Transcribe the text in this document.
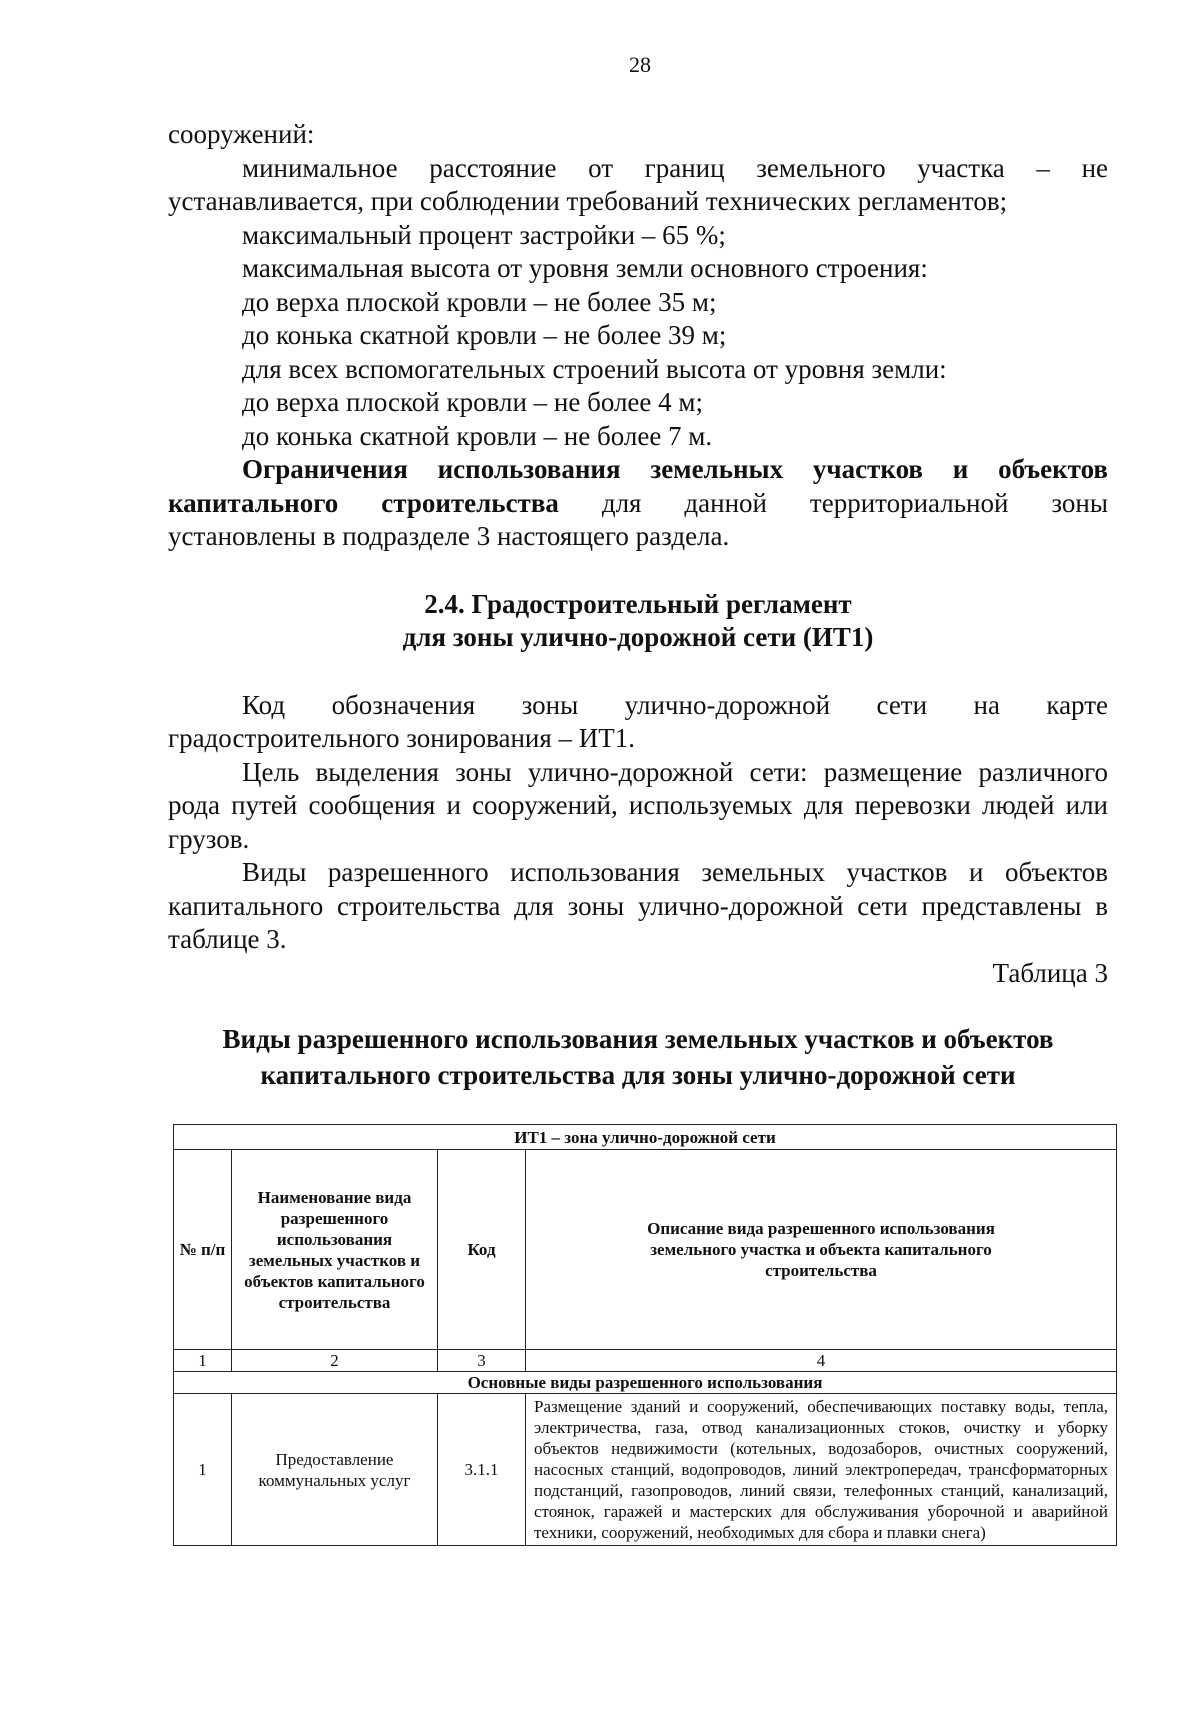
28

сооружений:

минимальное расстояние от границ земельного участка – не

устанавливается, при соблюдении требований технических регламентов;

максимальный процент застройки – 65 %;

максимальная высота от уровня земли основного строения:

до верха плоской кровли – не более 35 м;

до конька скатной кровли – не более 39 м;

для всех вспомогательных строений высота от уровня земли:

до верха плоской кровли – не более 4 м;

до конька скатной кровли – не более 7 м.

Ограничения использования земельных участков и объектов

капитального строительства для данной территориальной зоны

установлены в подразделе 3 настоящего раздела.

2.4. Градостроительный регламент

для зоны улично-дорожной сети (ИТ1)

Код обозначения зоны улично-дорожной сети на карте градостроительного зонирования – ИТ1.

Цель выделения зоны улично-дорожной сети: размещение различного рода путей сообщения и сооружений, используемых для перевозки людей или грузов.

Виды разрешенного использования земельных участков и объектов капитального строительства для зоны улично-дорожной сети представлены в таблице 3.

Таблица 3

Виды разрешенного использования земельных участков и объектов

капитального строительства для зоны улично-дорожной сети

ИТ1 – зона улично-дорожной сети			
№ п/п	Наименование вида разрешенного использования земельных участков и объектов капитального строительства	Код	Описание вида разрешенного использования земельного участка и объекта капитального строительства
1	2	3	4
Основные виды разрешенного использования			
1	Предоставление коммунальных услуг	3.1.1	Размещение зданий и сооружений, обеспечивающих поставку воды, тепла, электричества, газа, отвод канализационных стоков, очистку и уборку объектов недвижимости (котельных, водозаборов, очистных сооружений, насосных станций, водопроводов, линий электропередач, трансформаторных подстанций, газопроводов, линий связи, телефонных станций, канализаций, стоянок, гаражей и мастерских для обслуживания уборочной и аварийной техники, сооружений, необходимых для сбора и плавки снега)
